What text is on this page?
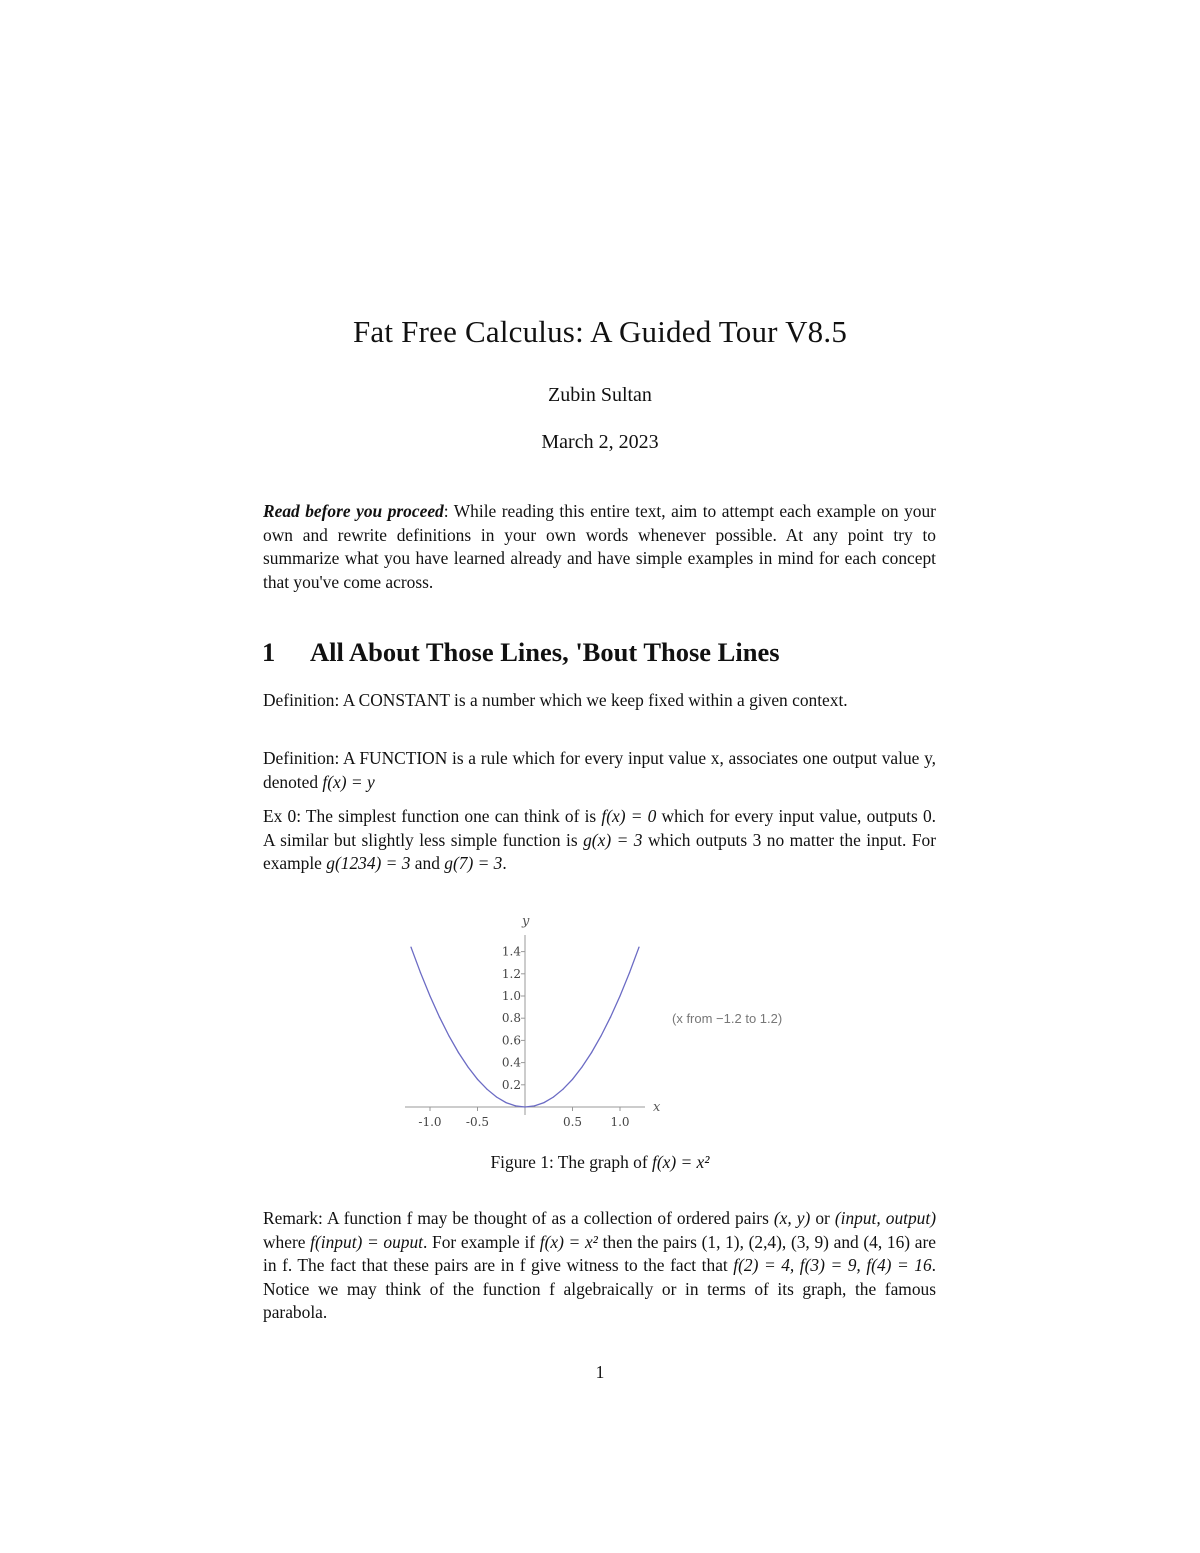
Fat Free Calculus: A Guided Tour V8.5
Zubin Sultan
March 2, 2023
Read before you proceed: While reading this entire text, aim to attempt each example on your own and rewrite definitions in your own words whenever possible. At any point try to summarize what you have learned already and have simple examples in mind for each concept that you've come across.
1 All About Those Lines, 'Bout Those Lines
Definition: A CONSTANT is a number which we keep fixed within a given context.
Definition: A FUNCTION is a rule which for every input value x, associates one output value y, denoted f(x) = y
Ex 0: The simplest function one can think of is f(x) = 0 which for every input value, outputs 0. A similar but slightly less simple function is g(x) = 3 which outputs 3 no matter the input. For example g(1234) = 3 and g(7) = 3.
-1.0 -0.5	0.5 1.0
0.2
0.4
0.6
0.8
1.0
1.2
1.4
x
y
(x from −1.2 to 1.2)
Figure 1: The graph of f(x) = x²
Remark: A function f may be thought of as a collection of ordered pairs (x, y) or (input, output) where f(input) = ouput. For example if f(x) = x² then the pairs (1, 1), (2,4), (3, 9) and (4, 16) are in f. The fact that these pairs are in f give witness to the fact that f(2) = 4, f(3) = 9, f(4) = 16. Notice we may think of the function f algebraically or in terms of its graph, the famous parabola.
1
